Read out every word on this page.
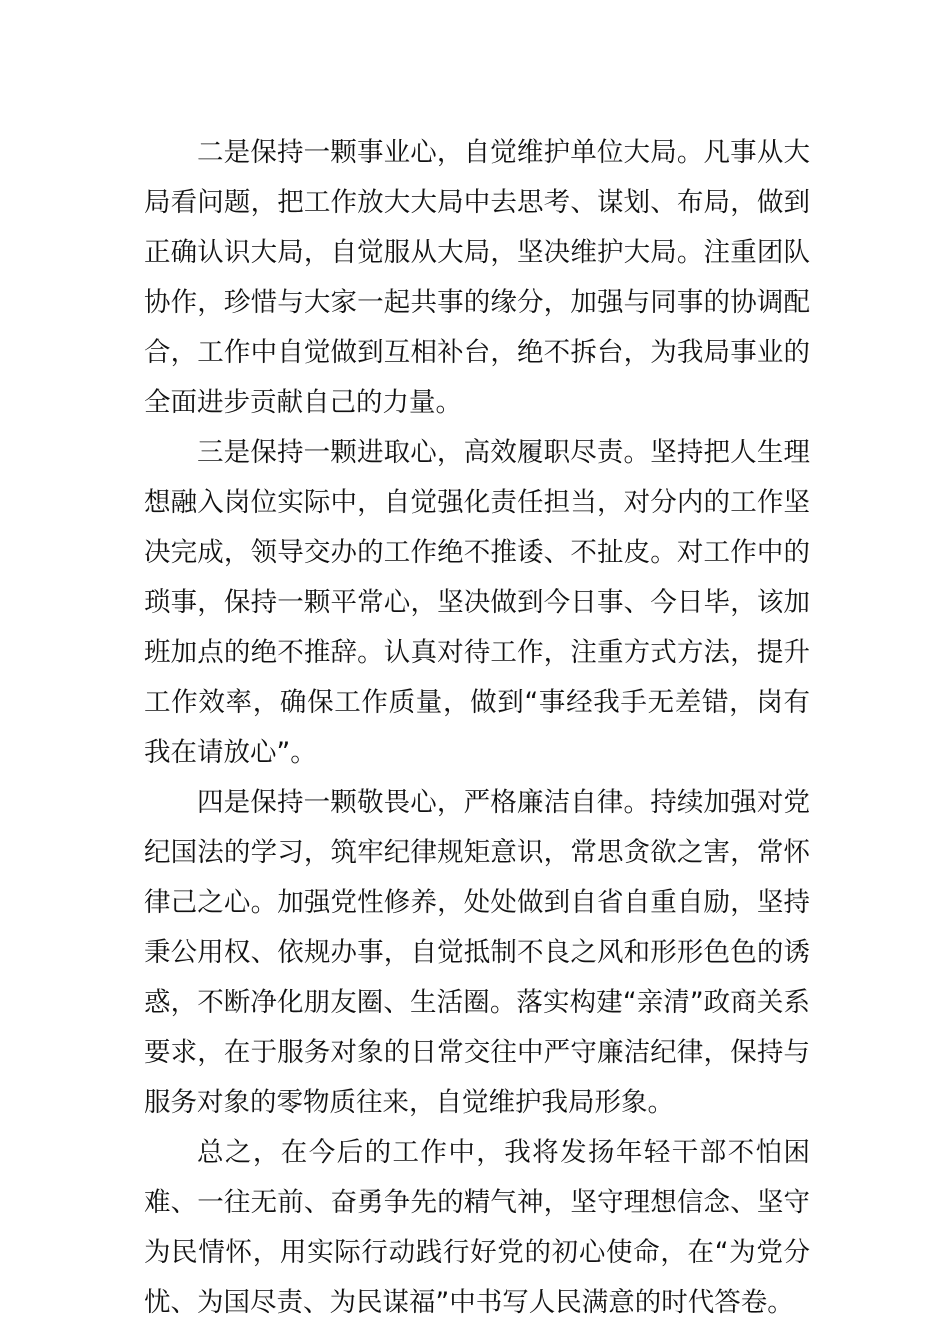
二是保持一颗事业心，自觉维护单位大局。凡事从大局看问题，把工作放大大局中去思考、谋划、布局，做到正确认识大局，自觉服从大局，坚决维护大局。注重团队协作，珍惜与大家一起共事的缘分，加强与同事的协调配合，工作中自觉做到互相补台，绝不拆台，为我局事业的全面进步贡献自己的力量。

三是保持一颗进取心，高效履职尽责。坚持把人生理想融入岗位实际中，自觉强化责任担当，对分内的工作坚决完成，领导交办的工作绝不推诿、不扯皮。对工作中的琐事，保持一颗平常心，坚决做到今日事、今日毕，该加班加点的绝不推辞。认真对待工作，注重方式方法，提升工作效率，确保工作质量，做到“事经我手无差错，岗有我在请放心”。

四是保持一颗敬畏心，严格廉洁自律。持续加强对党纪国法的学习，筑牢纪律规矩意识，常思贪欲之害，常怀律己之心。加强党性修养，处处做到自省自重自励，坚持秉公用权、依规办事，自觉抵制不良之风和形形色色的诱惑，不断净化朋友圈、生活圈。落实构建“亲清”政商关系要求，在于服务对象的日常交往中严守廉洁纪律，保持与服务对象的零物质往来，自觉维护我局形象。

总之，在今后的工作中，我将发扬年轻干部不怕困难、一往无前、奋勇争先的精气神，坚守理想信念、坚守为民情怀，用实际行动践行好党的初心使命，在“为党分忧、为国尽责、为民谋福”中书写人民满意的时代答卷。
